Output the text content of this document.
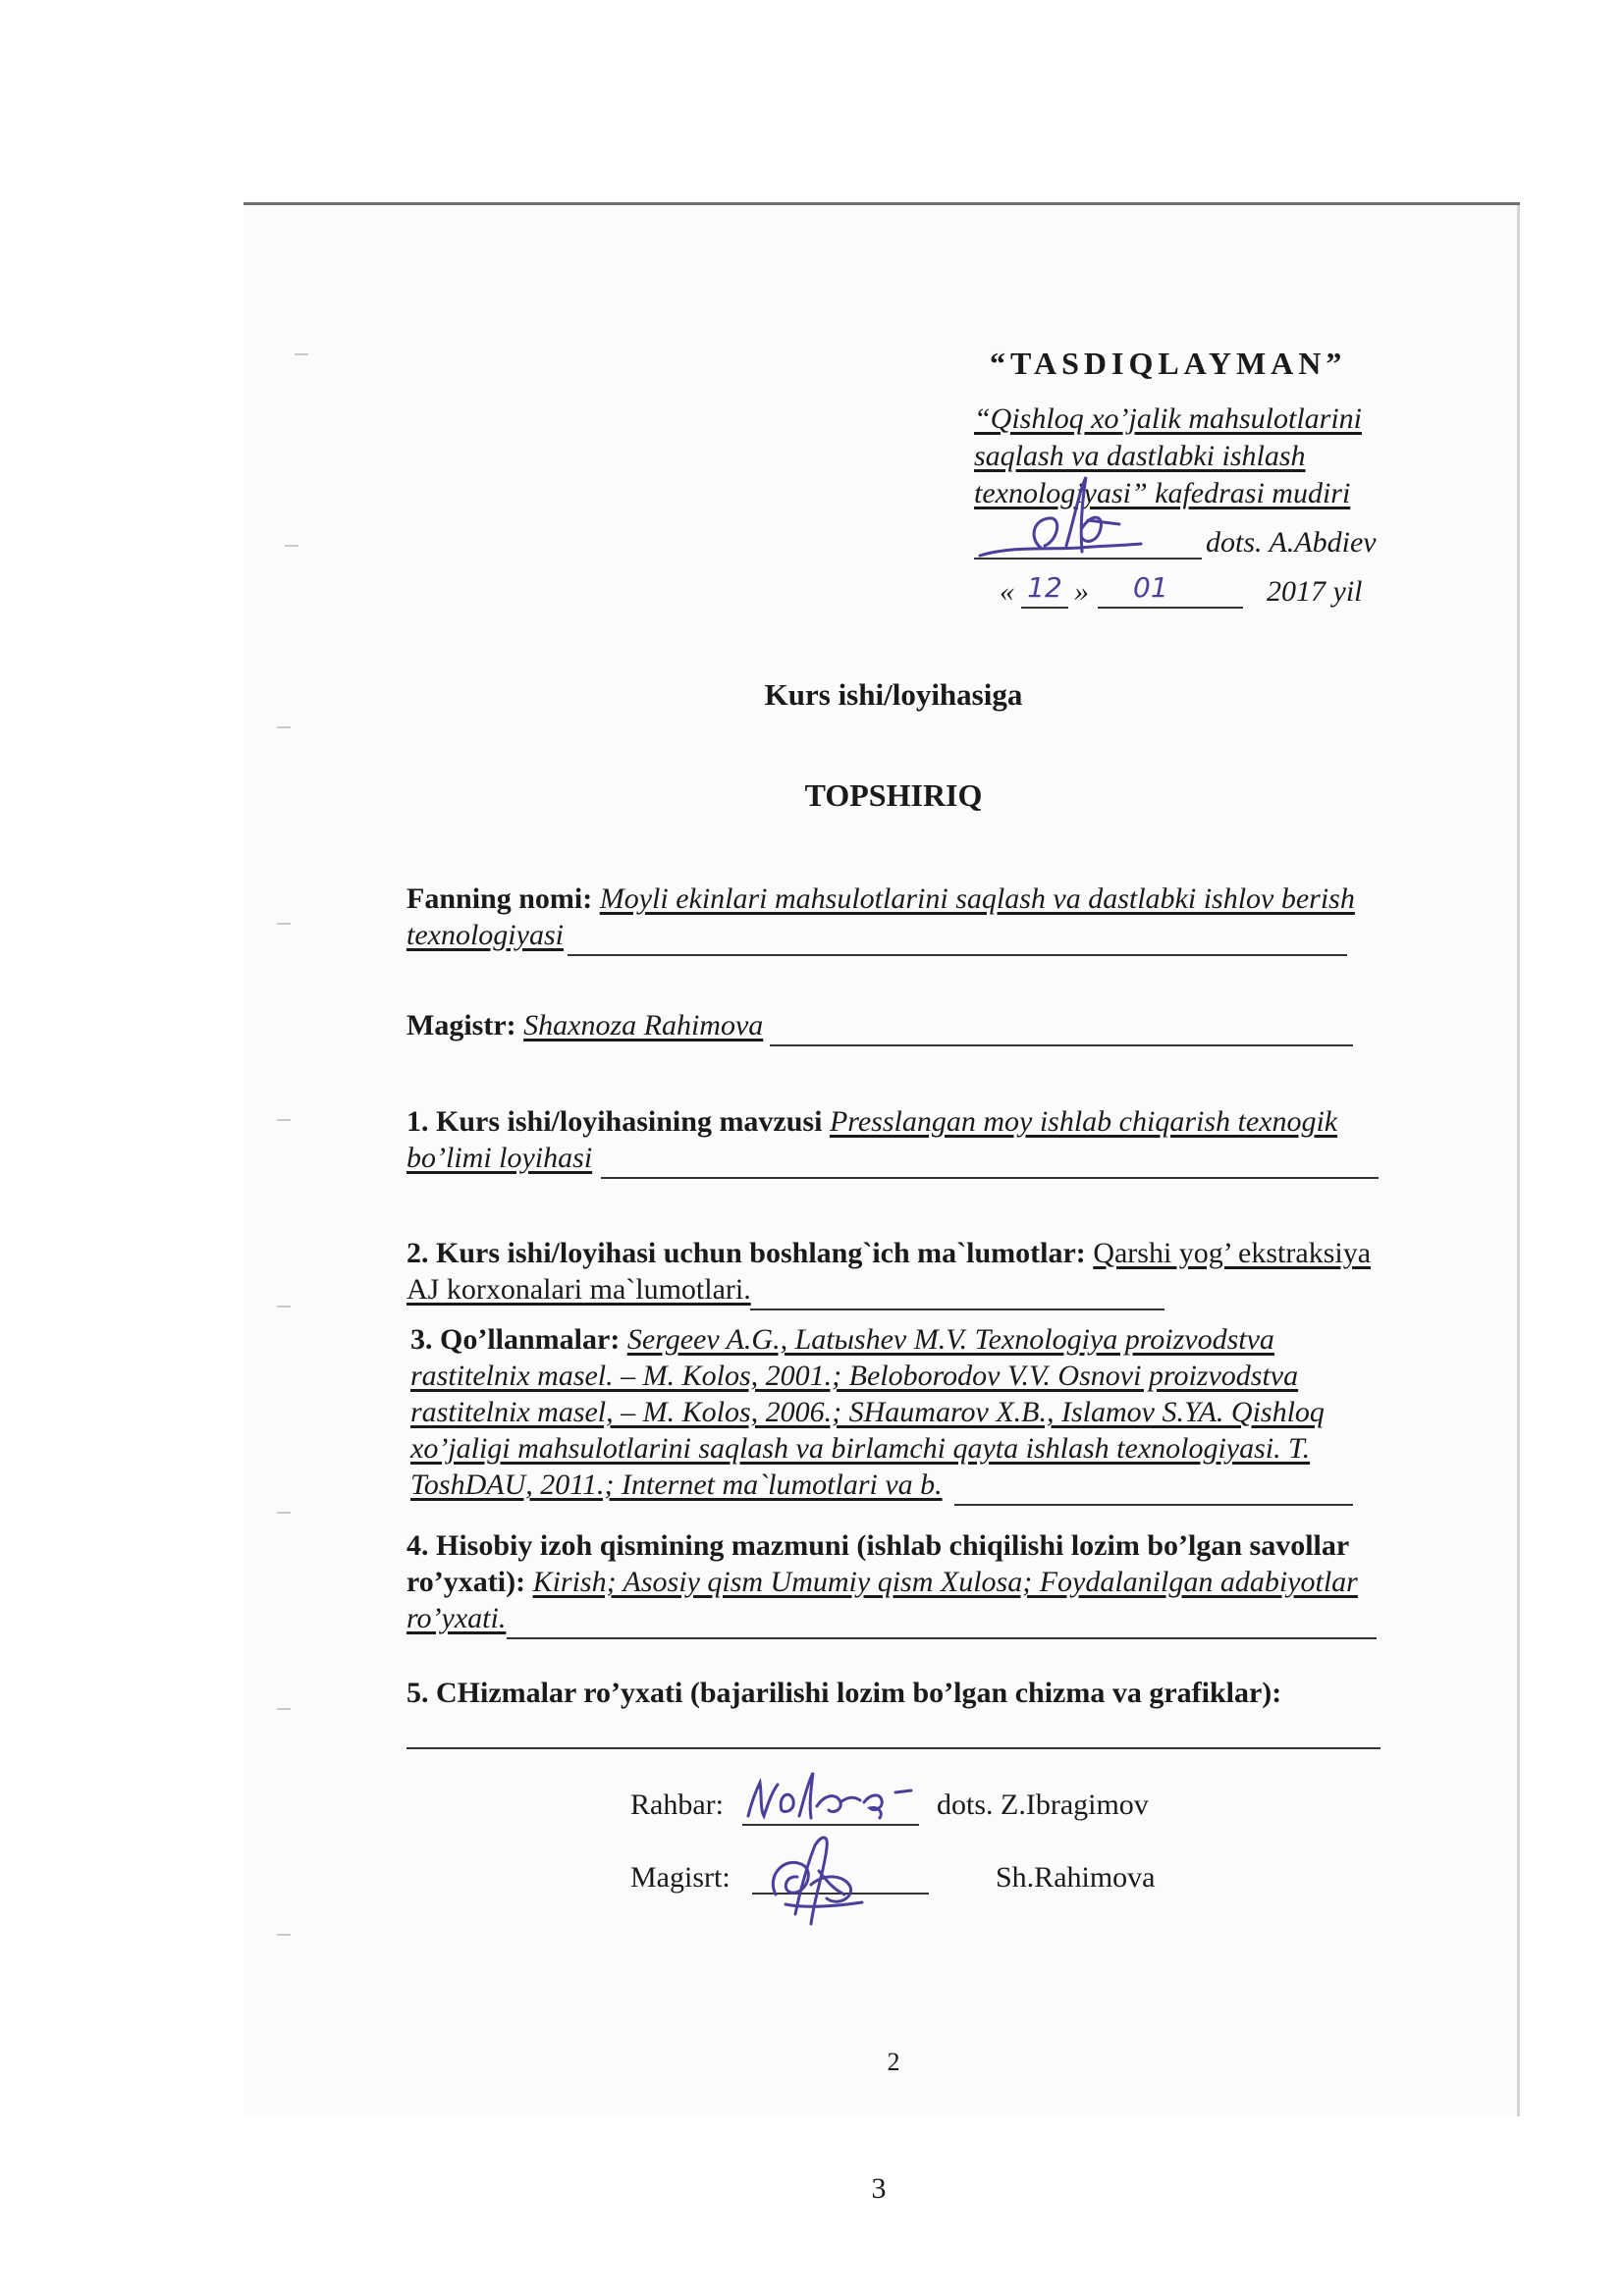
“TASDIQLAYMAN”
“Qishloq xo’jalik mahsulotlarini
saqlash va dastlabki ishlash
texnologiyasi” kafedrasi mudiri
dots. A.Abdiev
« 12 »	01	2017 yil
Kurs ishi/loyihasiga
TOPSHIRIQ
Fanning nomi: Moyli ekinlari mahsulotlarini saqlash va dastlabki ishlov berish
texnologiyasi
Magistr: Shaxnoza Rahimova
1. Kurs ishi/loyihasining mavzusi Presslangan moy ishlab chiqarish texnogik
bo’limi loyihasi
2. Kurs ishi/loyihasi uchun boshlang`ich ma`lumotlar: Qarshi yog’ ekstraksiya
AJ korxonalari ma`lumotlari.
3. Qo’llanmalar: Sergeev A.G., Latыshev M.V. Texnologiya proizvodstva
rastitelnix masel. – M. Kolos, 2001.; Beloborodov V.V. Osnovi proizvodstva
rastitelnix masel, – M. Kolos, 2006.; SHaumarov X.B., Islamov S.YA. Qishloq
xo’jaligi mahsulotlarini saqlash va birlamchi qayta ishlash texnologiyasi. T.
ToshDAU, 2011.; Internet ma`lumotlari va b.
4. Hisobiy izoh qismining mazmuni (ishlab chiqilishi lozim bo’lgan savollar
ro’yxati): Kirish; Asosiy qism Umumiy qism Xulosa; Foydalanilgan adabiyotlar
ro’yxati.
5. CHizmalar ro’yxati (bajarilishi lozim bo’lgan chizma va grafiklar):
Rahbar:	dots. Z.Ibragimov
Magisrt:	Sh.Rahimova
2
3
